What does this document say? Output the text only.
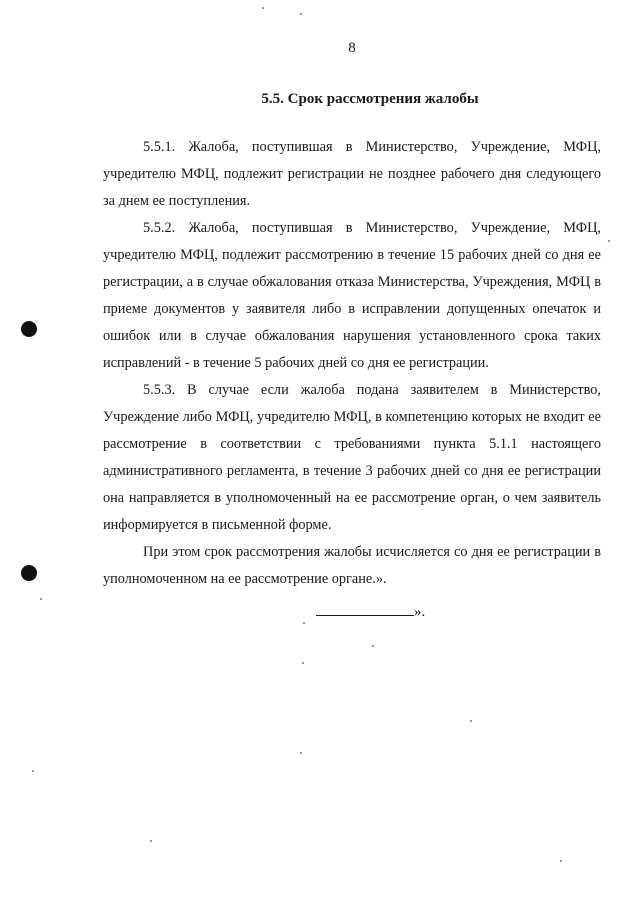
8
5.5. Срок рассмотрения жалобы

5.5.1. Жалоба, поступившая в Министерство, Учреждение, МФЦ, учредителю МФЦ, подлежит регистрации не позднее рабочего дня следующего за днем ее поступления.

5.5.2. Жалоба, поступившая в Министерство, Учреждение, МФЦ, учредителю МФЦ, подлежит рассмотрению в течение 15 рабочих дней со дня ее регистрации, а в случае обжалования отказа Министерства, Учреждения, МФЦ в приеме документов у заявителя либо в исправлении допущенных опечаток и ошибок или в случае обжалования нарушения установленного срока таких исправлений - в течение 5 рабочих дней со дня ее регистрации.

5.5.3. В случае если жалоба подана заявителем в Министерство, Учреждение либо МФЦ, учредителю МФЦ, в компетенцию которых не входит ее рассмотрение в соответствии с требованиями пункта 5.1.1 настоящего административного регламента, в течение 3 рабочих дней со дня ее регистрации она направляется в уполномоченный на ее рассмотрение орган, о чем заявитель информируется в письменной форме.

При этом срок рассмотрения жалобы исчисляется со дня ее регистрации в уполномоченном на ее рассмотрение органе.».

».
